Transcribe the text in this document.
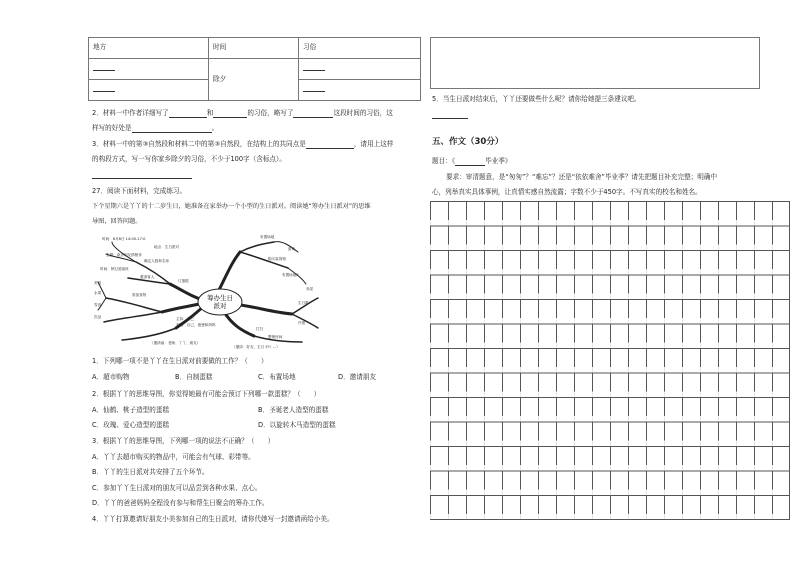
地方	时间	习俗
	除夕	

2．材料一中作者详细写了	和	的习俗，略写了	这段时间的习俗，这
样写的好处是	。
3．材料一中的第③自然段和材料二中的第③自然段，在结构上的共同点是	，请用上这样
的构段方式，写一写你家乡除夕的习俗，不少于100字（含标点）。
27．阅读下面材料，完成练习。
下个星期六是丫丫的十二岁生日，她准备在家举办一个小型的生日派对。阅读她“筹办生日派对”的思维
导图，回答问题。
筹办生日
派对
时间：6月8日 14:00-17:0
地点：生日派对
主题：欢乐和友情相伴
确定人数和名单
时间：梦幻爱丽丝
邀请客人
订蛋糕
美食
水果
零食
饮品
准备食物
布置场地
游戏
购买装饰物
布置场地2
寿星
生日歌
许愿
主持：自己
布置：自己、爸爸和妈妈
打扫
整理房间
（邀请函：老师、丫丫、朋友）
（邀请：好友、生日卡片 ...）
1．下列哪一项不是丫丫在生日派对前要做的工作？（　　）
A．超市购物	B．自制蛋糕	C．布置场地	D．邀请朋友
2．根据丫丫的思维导图，你觉得她最有可能会预订下列哪一款蛋糕？（　　）
A．仙鹤、桃子造型的蛋糕	B．圣诞老人造型的蛋糕
C．玫瑰、爱心造型的蛋糕	D．以旋转木马造型的蛋糕
3．根据丫丫的思维导图，下列哪一项的说法不正确？（　　）
A．丫丫去超市购买的物品中，可能会有气球、彩带等。
B．丫丫的生日派对共安排了五个环节。
C．参加丫丫生日派对的朋友可以品尝到各种水果、点心。
D．丫丫的爸爸妈妈全程没有参与和帮生日聚会的筹办工作。
4．丫丫打算邀请好朋友小美参加自己的生日派对，请你代她写一封邀请函给小美。
5．当生日派对结束后，丫丫还要做些什么呢？请你给她提三条建议吧。
五、作文（30分）
题目：《	毕业季》
要求：审清题意，是“匆匆”？“难忘”？还是“依依难舍”毕业季？请先把题目补充完整；明确中
心，列举真实具体事例，让真情实感自然流露；字数不少于450字。不写真实的校名和姓名。
